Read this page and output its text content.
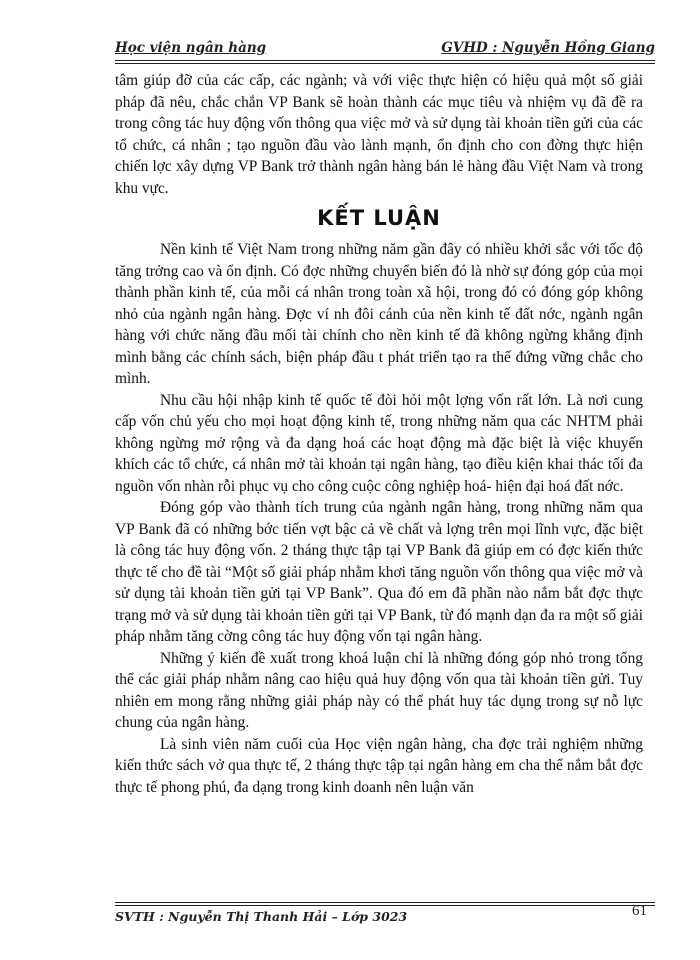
Học viện ngân hàng	GVHD : Nguyễn Hồng Giang

tâm giúp đỡ của các cấp, các ngành; và với việc thực hiện có hiệu quả một số giải pháp đã nêu, chắc chắn VP Bank sẽ hoàn thành các mục tiêu và nhiệm vụ đã đề ra trong công tác huy động vốn thông qua việc mở và sử dụng tài khoản tiền gửi của các tổ chức, cá nhân ; tạo nguồn đầu vào lành mạnh, ổn định cho con đờng thực hiện chiến lợc xây dựng VP Bank trở thành ngân hàng bán lẻ hàng đầu Việt Nam và trong khu vực.

KẾT LUẬN

Nền kinh tế Việt Nam trong những năm gần đây có nhiều khởi sắc với tốc độ tăng trởng cao và ổn định. Có đợc những chuyển biến đó là nhờ sự đóng góp của mọi thành phần kinh tế, của mỗi cá nhân trong toàn xã hội, trong đó có đóng góp không nhỏ của ngành ngân hàng. Đợc ví nh đôi cánh của nền kinh tế đất nớc, ngành ngân hàng với chức năng đầu mối tài chính cho nền kinh tế đã không ngừng khẳng định mình bằng các chính sách, biện pháp đầu t phát triển tạo ra thế đứng vững chắc cho mình.

Nhu cầu hội nhập kinh tế quốc tế đòi hỏi một lợng vốn rất lớn. Là nơi cung cấp vốn chủ yếu cho mọi hoạt động kinh tế, trong những năm qua các NHTM phải không ngừng mở rộng và đa dạng hoá các hoạt động mà đặc biệt là việc khuyến khích các tổ chức, cá nhân mở tài khoản tại ngân hàng, tạo điều kiện khai thác tối đa nguồn vốn nhàn rỗi phục vụ cho công cuộc công nghiệp hoá- hiện đại hoá đất nớc.

Đóng góp vào thành tích trung của ngành ngân hàng, trong những năm qua VP Bank đã có những bớc tiến vợt bậc cả về chất và lợng trên mọi lĩnh vực, đặc biệt là công tác huy động vốn. 2 tháng thực tập tại VP Bank đã giúp em có đợc kiến thức thực tế cho đề tài “Một số giải pháp nhằm khơi tăng nguồn vốn thông qua việc mở và sử dụng tài khoản tiền gửi tại VP Bank”. Qua đó em đã phần nào nắm bắt đợc thực trạng mở và sử dụng tài khoản tiền gửi tại VP Bank, từ đó mạnh dạn đa ra một số giải pháp nhằm tăng cờng công tác huy động vốn tại ngân hàng.

Những ý kiến đề xuất trong khoá luận chỉ là những đóng góp nhỏ trong tổng thể các giải pháp nhằm nâng cao hiệu quả huy động vốn qua tài khoản tiền gửi. Tuy nhiên em mong rằng những giải pháp này có thể phát huy tác dụng trong sự nỗ lực chung của ngân hàng.

Là sinh viên năm cuối của Học viện ngân hàng, cha đợc trải nghiệm những kiến thức sách vở qua thực tế, 2 tháng thực tập tại ngân hàng em cha thể nắm bắt đợc thực tế phong phú, đa dạng trong kinh doanh nên luận văn

SVTH : Nguyễn Thị Thanh Hải – Lớp 3023	61
